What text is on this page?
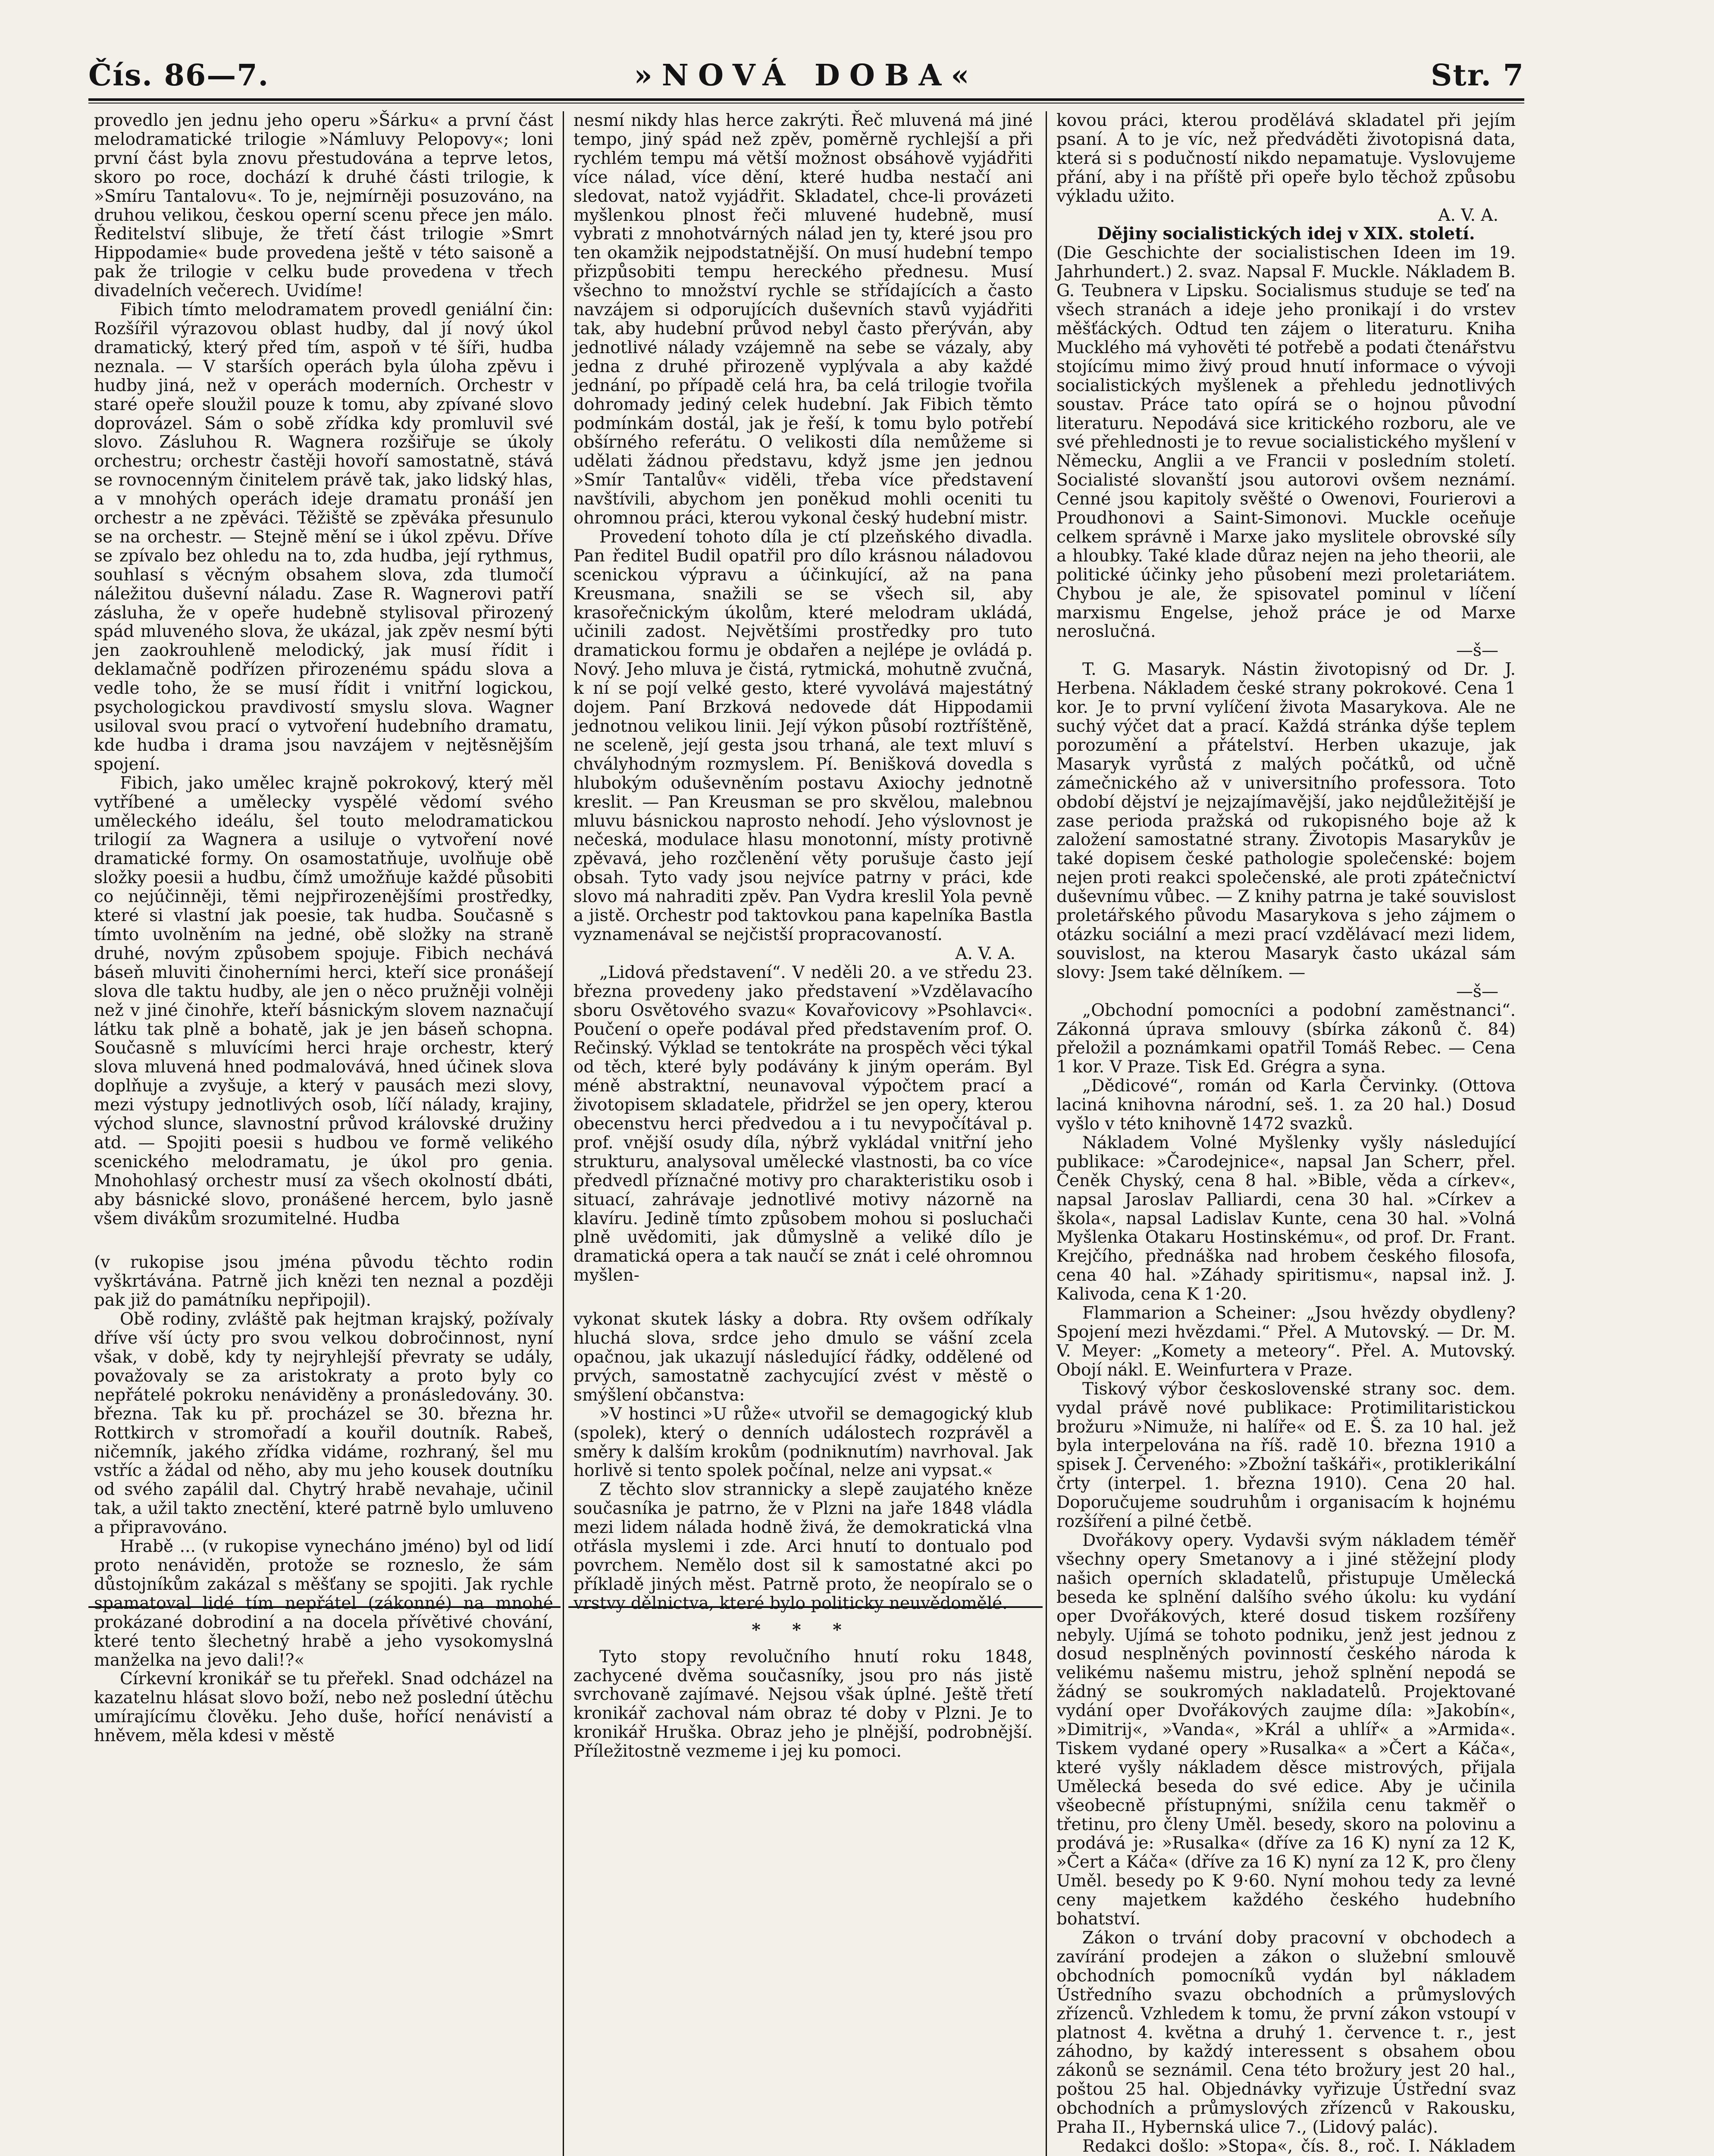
Čís. 86—7.	»NOVÁ DOBA«	Str. 7

provedlo jen jednu jeho operu »Šárku« a první část melodramatické trilogie »Námluvy Pelopovy«; loni první část byla znovu přestudována a teprve letos, skoro po roce, dochází k druhé části trilogie, k »Smíru Tantalovu«. To je, nejmírněji posuzováno, na druhou velikou, českou operní scenu přece jen málo. Ředitelství slibuje, že třetí část trilogie »Smrt Hippodamie« bude provedena ještě v této saisoně a pak že trilogie v celku bude provedena v třech divadelních večerech. Uvidíme!

Fibich tímto melodramatem provedl geniální čin: Rozšířil výrazovou oblast hudby, dal jí nový úkol dramatický, který před tím, aspoň v té šíři, hudba neznala. — V starších operách byla úloha zpěvu i hudby jiná, než v operách moderních. Orchestr v staré opeře sloužil pouze k tomu, aby zpívané slovo doprovázel. Sám o sobě zřídka kdy promluvil své slovo. Zásluhou R. Wagnera rozšiřuje se úkoly orchestru; orchestr častěji hovoří samostatně, stává se rovnocenným činitelem právě tak, jako lidský hlas, a v mnohých operách ideje dramatu pronáší jen orchestr a ne zpěváci. Těžiště se zpěváka přesunulo se na orchestr. — Stejně mění se i úkol zpěvu. Dříve se zpívalo bez ohledu na to, zda hudba, její rythmus, souhlasí s věcným obsahem slova, zda tlumočí náležitou duševní náladu. Zase R. Wagnerovi patří zásluha, že v opeře hudebně stylisoval přirozený spád mluveného slova, že ukázal, jak zpěv nesmí býti jen zaokrouhleně melodický, jak musí řídit i deklamačně podřízen přirozenému spádu slova a vedle toho, že se musí řídit i vnitřní logickou, psychologickou pravdivostí smyslu slova. Wagner usiloval svou prací o vytvoření hudebního dramatu, kde hudba i drama jsou navzájem v nejtěsnějším spojení.

Fibich, jako umělec krajně pokrokový, který měl vytříbené a umělecky vyspělé vědomí svého uměleckého ideálu, šel touto melodramatickou trilogií za Wagnera a usiluje o vytvoření nové dramatické formy. On osamostatňuje, uvolňuje obě složky poesii a hudbu, čímž umožňuje každé působiti co nejúčinněji, těmi nejpřirozenějšími prostředky, které si vlastní jak poesie, tak hudba. Současně s tímto uvolněním na jedné, obě složky na straně druhé, novým způsobem spojuje. Fibich nechává báseň mluviti činoherními herci, kteří sice pronášejí slova dle taktu hudby, ale jen o něco pružněji volněji než v jiné činohře, kteří básnickým slovem naznačují látku tak plně a bohatě, jak je jen báseň schopna. Současně s mluvícími herci hraje orchestr, který slova mluvená hned podmalovává, hned účinek slova doplňuje a zvyšuje, a který v pausách mezi slovy, mezi výstupy jednotlivých osob, líčí nálady, krajiny, východ slunce, slavnostní průvod královské družiny atd. — Spojiti poesii s hudbou ve formě velikého scenického melodramatu, je úkol pro genia. Mnohohlasý orchestr musí za všech okolností dbáti, aby básnické slovo, pronášené hercem, bylo jasně všem divákům srozumitelné. Hudba

(v rukopise jsou jména původu těchto rodin vyškrtávána. Patrně jich knězi ten neznal a později pak již do památníku nepřipojil).

Obě rodiny, zvláště pak hejtman krajský, požívaly dříve vší úcty pro svou velkou dobročinnost, nyní však, v době, kdy ty nejryhlejší převraty se udály, považovaly se za aristokraty a proto byly co nepřátelé pokroku nenáviděny a pronásledovány. 30. března. Tak ku př. procházel se 30. března hr. Rottkirch v stromořadí a kouřil doutník. Rabeš, ničemník, jakého zřídka vidáme, rozhraný, šel mu vstříc a žádal od něho, aby mu jeho kousek doutníku od svého zapálil dal. Chytrý hrabě nevahaje, učinil tak, a užil takto znectění, které patrně bylo umluveno a připravováno.

Hrabě ... (v rukopise vynecháno jméno) byl od lidí proto nenáviděn, protože se rozneslo, že sám důstojníkům zakázal s měšťany se spojiti. Jak rychle spamatoval lidé tím nepřátel (zákonné) na mnohé prokázané dobrodiní a na docela přívětivé chování, které tento šlechetný hrabě a jeho vysokomyslná manželka na jevo dali!?«

Církevní kronikář se tu přeřekl. Snad odcházel na kazatelnu hlásat slovo boží, nebo než poslední útěchu umírajícímu člověku. Jeho duše, hořící nenávistí a hněvem, měla kdesi v městě

nesmí nikdy hlas herce zakrýti. Řeč mluvená má jiné tempo, jiný spád než zpěv, poměrně rychlejší a při rychlém tempu má větší možnost obsáhově vyjádřiti více nálad, více dění, které hudba nestačí ani sledovat, natož vyjádřit. Skladatel, chce-li provázeti myšlenkou plnost řeči mluvené hudebně, musí vybrati z mnohotvárných nálad jen ty, které jsou pro ten okamžik nejpodstatnější. On musí hudební tempo přizpůsobiti tempu hereckého přednesu. Musí všechno to množství rychle se střídajících a často navzájem si odporujících duševních stavů vyjádřiti tak, aby hudební průvod nebyl často přerýván, aby jednotlivé nálady vzájemně na sebe se vázaly, aby jedna z druhé přirozeně vyplývala a aby každé jednání, po případě celá hra, ba celá trilogie tvořila dohromady jediný celek hudební. Jak Fibich těmto podmínkám dostál, jak je řeší, k tomu bylo potřebí obšírného referátu. O velikosti díla nemůžeme si udělati žádnou představu, když jsme jen jednou »Smír Tantalův« viděli, třeba více představení navštívili, abychom jen poněkud mohli oceniti tu ohromnou práci, kterou vykonal český hudební mistr.

Provedení tohoto díla je ctí plzeňského divadla. Pan ředitel Budil opatřil pro dílo krásnou náladovou scenickou výpravu a účinkující, až na pana Kreusmana, snažili se se všech sil, aby krasořečnickým úkolům, které melodram ukládá, učinili zadost. Největšími prostředky pro tuto dramatickou formu je obdařen a nejlépe je ovládá p. Nový. Jeho mluva je čistá, rytmická, mohutně zvučná, k ní se pojí velké gesto, které vyvolává majestátný dojem. Paní Brzková nedovede dát Hippodamii jednotnou velikou linii. Její výkon působí roztříštěně, ne sceleně, její gesta jsou trhaná, ale text mluví s chvályhodným rozmyslem. Pí. Benišková dovedla s hlubokým oduševněním postavu Axiochy jednotně kreslit. — Pan Kreusman se pro skvělou, malebnou mluvu básnickou naprosto nehodí. Jeho výslovnost je nečeská, modulace hlasu monotonní, místy protivně zpěvavá, jeho rozčlenění věty porušuje často její obsah. Tyto vady jsou nejvíce patrny v práci, kde slovo má nahraditi zpěv. Pan Vydra kreslil Yola pevně a jistě. Orchestr pod taktovkou pana kapelníka Bastla vyznamenával se nejčistší propracovaností.

A. V. A.

„Lidová představení“. V neděli 20. a ve středu 23. března provedeny jako představení »Vzdělavacího sboru Osvětového svazu« Kovařovicovy »Psohlavci«. Poučení o opeře podával před představením prof. O. Rečinský. Výklad se tentokráte na prospěch věci týkal od těch, které byly podávány k jiným operám. Byl méně abstraktní, neunavoval výpočtem prací a životopisem skladatele, přidržel se jen opery, kterou obecenstvu herci předvedou a i tu nevypočítával p. prof. vnější osudy díla, nýbrž vykládal vnitřní jeho strukturu, analysoval umělecké vlastnosti, ba co více předvedl příznačné motivy pro charakteristiku osob i situací, zahrávaje jednotlivé motivy názorně na klavíru. Jedině tímto způsobem mohou si posluchači plně uvědomiti, jak důmyslně a veliké dílo je dramatická opera a tak naučí se znát i celé ohromnou myšlen-

vykonat skutek lásky a dobra. Rty ovšem odříkaly hluchá slova, srdce jeho dmulo se vášní zcela opačnou, jak ukazují následující řádky, oddělené od prvých, samostatně zachycující zvést v městě o smýšlení občanstva:

»V hostinci »U růže« utvořil se demagogický klub (spolek), který o denních událostech rozprávěl a směry k dalším krokům (podniknutím) navrhoval. Jak horlivě si tento spolek počínal, nelze ani vypsat.«

Z těchto slov strannicky a slepě zaujatého kněze současníka je patrno, že v Plzni na jaře 1848 vládla mezi lidem nálada hodně živá, že demokratická vlna otřásla myslemi i zde. Arci hnutí to dontualo pod povrchem. Nemělo dost sil k samostatné akci po příkladě jiných měst. Patrně proto, že neopíralo se o vrstvy dělnictva, které bylo politicky neuvědomělé.

* * *

Tyto stopy revolučního hnutí roku 1848, zachycené dvěma současníky, jsou pro nás jistě svrchovaně zajímavé. Nejsou však úplné. Ještě třetí kronikář zachoval nám obraz té doby v Plzni. Je to kronikář Hruška. Obraz jeho je plnější, podrobnější. Příležitostně vezmeme i jej ku pomoci.

kovou práci, kterou prodělává skladatel při jejím psaní. A to je víc, než předváděti životopisná data, která si s podučností nikdo nepamatuje. Vyslovujeme přání, aby i na příště při opeře bylo těchož způsobu výkladu užito.

A. V. A.

Dějiny socialistických idej v XIX. století.

(Die Geschichte der socialistischen Ideen im 19. Jahrhundert.) 2. svaz. Napsal F. Muckle. Nákladem B. G. Teubnera v Lipsku. Socialismus studuje se teď na všech stranách a ideje jeho pronikají i do vrstev měšťáckých. Odtud ten zájem o literaturu. Kniha Mucklého má vyhověti té potřebě a podati čtenářstvu stojícímu mimo živý proud hnutí informace o vývoji socialistických myšlenek a přehledu jednotlivých soustav. Práce tato opírá se o hojnou původní literaturu. Nepodává sice kritického rozboru, ale ve své přehlednosti je to revue socialistického myšlení v Německu, Anglii a ve Francii v posledním století. Socialisté slovanští jsou autorovi ovšem neznámí. Cenné jsou kapitoly svěšté o Owenovi, Fourierovi a Proudhonovi a Saint-Simonovi. Muckle oceňuje celkem správně i Marxe jako myslitele obrovské síly a hloubky. Také klade důraz nejen na jeho theorii, ale politické účinky jeho působení mezi proletariátem. Chybou je ale, že spisovatel pominul v líčení marxismu Engelse, jehož práce je od Marxe neroslučná.

—š—

T. G. Masaryk. Nástin životopisný od Dr. J. Herbena. Nákladem české strany pokrokové. Cena 1 kor. Je to první vylíčení života Masarykova. Ale ne suchý výčet dat a prací. Každá stránka dýše teplem porozumění a přátelství. Herben ukazuje, jak Masaryk vyrůstá z malých počátků, od učně zámečnického až v universitního professora. Toto období dějství je nejzajímavější, jako nejdůležitější je zase perioda pražská od rukopisného boje až k založení samostatné strany. Životopis Masarykův je také dopisem české pathologie společenské: bojem nejen proti reakci společenské, ale proti zpátečnictví duševnímu vůbec. — Z knihy patrna je také souvislost proletářského původu Masarykova s jeho zájmem o otázku sociální a mezi prací vzdělávací mezi lidem, souvislost, na kterou Masaryk často ukázal sám slovy: Jsem také dělníkem. —

—š—

„Obchodní pomocníci a podobní zaměstnanci“. Zákonná úprava smlouvy (sbírka zákonů č. 84) přeložil a poznámkami opatřil Tomáš Rebec. — Cena 1 kor. V Praze. Tisk Ed. Grégra a syna.

„Dědicové“, román od Karla Červinky. (Ottova laciná knihovna národní, seš. 1. za 20 hal.) Dosud vyšlo v této knihovně 1472 svazků.

Nákladem Volné Myšlenky vyšly následující publikace: »Čarodejnice«, napsal Jan Scherr, přel. Čeněk Chyský, cena 8 hal. »Bible, věda a církev«, napsal Jaroslav Palliardi, cena 30 hal. »Církev a škola«, napsal Ladislav Kunte, cena 30 hal. »Volná Myšlenka Otakaru Hostinskému«, od prof. Dr. Frant. Krejčího, přednáška nad hrobem českého filosofa, cena 40 hal. »Záhady spiritismu«, napsal inž. J. Kalivoda, cena K 1·20.

Flammarion a Scheiner: „Jsou hvězdy obydleny? Spojení mezi hvězdami.“ Přel. A Mutovský. — Dr. M. V. Meyer: „Komety a meteory“. Přel. A. Mutovský. Obojí nákl. E. Weinfurtera v Praze.

Tiskový výbor československé strany soc. dem. vydal právě nové publikace: Protimilitaristickou brožuru »Nimuže, ni halíře« od E. Š. za 10 hal. jež byla interpelována na říš. radě 10. března 1910 a spisek J. Červeného: »Zbožní taškáři«, protiklerikální črty (interpel. 1. března 1910). Cena 20 hal. Doporučujeme soudruhům i organisacím k hojnému rozšíření a pilné četbě.

Dvořákovy opery. Vydavši svým nákladem téměř všechny opery Smetanovy a i jiné stěžejní plody našich operních skladatelů, přistupuje Umělecká beseda ke splnění dalšího svého úkolu: ku vydání oper Dvořákových, které dosud tiskem rozšířeny nebyly. Ujímá se tohoto podniku, jenž jest jednou z dosud nesplněných povinností českého národa k velikému našemu mistru, jehož splnění nepodá se žádný se soukromých nakladatelů. Projektované vydání oper Dvořákových zaujme díla: »Jakobín«, »Dimitrij«, »Vanda«, »Král a uhlíř« a »Armida«. Tiskem vydané opery »Rusalka« a »Čert a Káča«, které vyšly nákladem děsce mistrových, přijala Umělecká beseda do své edice. Aby je učinila všeobecně přístupnými, snížila cenu takměř o třetinu, pro členy Uměl. besedy, skoro na polovinu a prodává je: »Rusalka« (dříve za 16 K) nyní za 12 K, »Čert a Káča« (dříve za 16 K) nyní za 12 K, pro členy Uměl. besedy po K 9·60. Nyní mohou tedy za levné ceny majetkem každého českého hudebního bohatství.

Zákon o trvání doby pracovní v obchodech a zavírání prodejen a zákon o služební smlouvě obchodních pomocníků vydán byl nákladem Ústředního svazu obchodních a průmyslových zřízenců. Vzhledem k tomu, že první zákon vstoupí v platnost 4. května a druhý 1. července t. r., jest záhodno, by každý interessent s obsahem obou zákonů se seznámil. Cena této brožury jest 20 hal., poštou 25 hal. Objednávky vyřizuje Ústřední svaz obchodních a průmyslových zřízenců v Rakousku, Praha II., Hybernská ulice 7., (Lidový palác).

Redakci došlo: »Stopa«, čís. 8., roč. I. Nákladem
